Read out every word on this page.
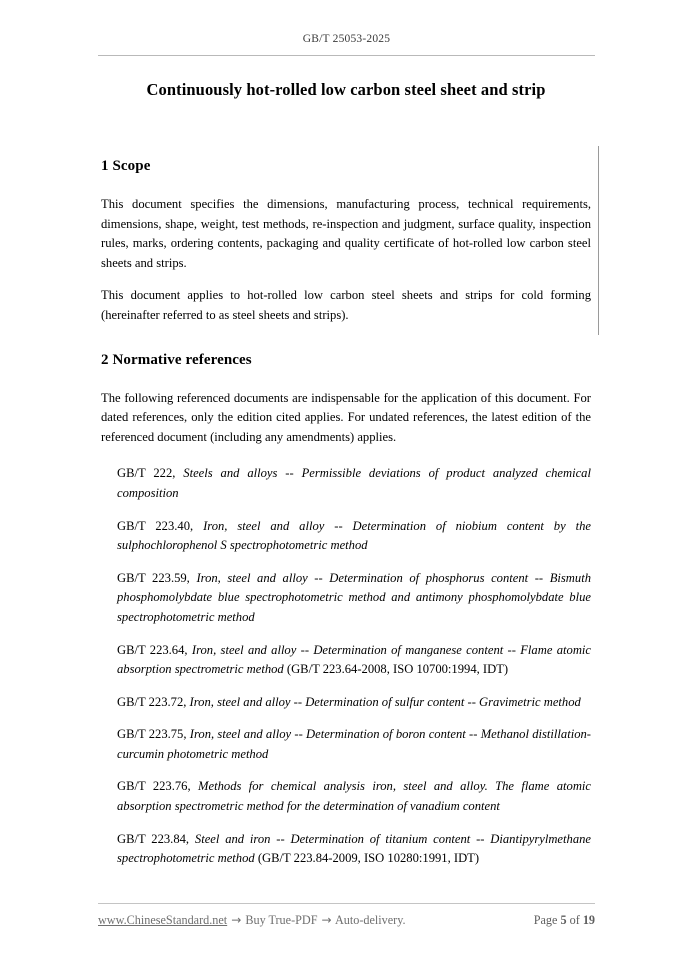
GB/T 25053-2025
Continuously hot-rolled low carbon steel sheet and strip
1 Scope

This document specifies the dimensions, manufacturing process, technical requirements, dimensions, shape, weight, test methods, re-inspection and judgment, surface quality, inspection rules, marks, ordering contents, packaging and quality certificate of hot-rolled low carbon steel sheets and strips.

This document applies to hot-rolled low carbon steel sheets and strips for cold forming (hereinafter referred to as steel sheets and strips).

2 Normative references

The following referenced documents are indispensable for the application of this document. For dated references, only the edition cited applies. For undated references, the latest edition of the referenced document (including any amendments) applies.

GB/T 222, Steels and alloys -- Permissible deviations of product analyzed chemical composition

GB/T 223.40, Iron, steel and alloy -- Determination of niobium content by the sulphochlorophenol S spectrophotometric method

GB/T 223.59, Iron, steel and alloy -- Determination of phosphorus content -- Bismuth phosphomolybdate blue spectrophotometric method and antimony phosphomolybdate blue spectrophotometric method

GB/T 223.64, Iron, steel and alloy -- Determination of manganese content -- Flame atomic absorption spectrometric method (GB/T 223.64-2008, ISO 10700:1994, IDT)

GB/T 223.72, Iron, steel and alloy -- Determination of sulfur content -- Gravimetric method

GB/T 223.75, Iron, steel and alloy -- Determination of boron content -- Methanol distillation-curcumin photometric method

GB/T 223.76, Methods for chemical analysis iron, steel and alloy. The flame atomic absorption spectrometric method for the determination of vanadium content

GB/T 223.84, Steel and iron -- Determination of titanium content -- Diantipyrylmethane spectrophotometric method (GB/T 223.84-2009, ISO 10280:1991, IDT)

www.ChineseStandard.net → Buy True-PDF → Auto-delivery.	Page 5 of 19
